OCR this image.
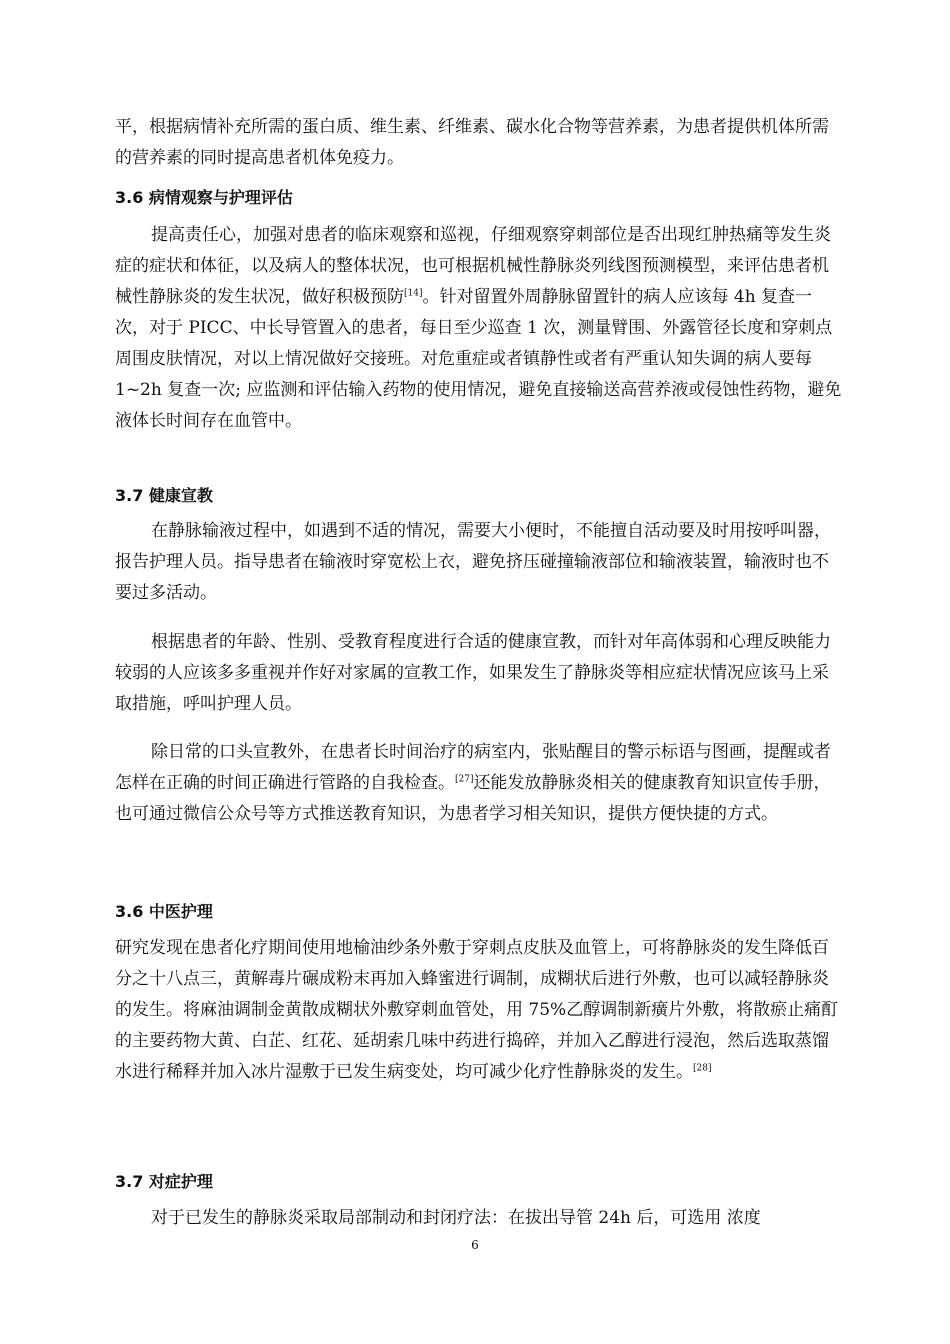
平，根据病情补充所需的蛋白质、维生素、纤维素、碳水化合物等营养素，为患者提供机体所需的营养素的同时提高患者机体免疫力。

3.6 病情观察与护理评估

提高责任心，加强对患者的临床观察和巡视，仔细观察穿刺部位是否出现红肿热痛等发生炎症的症状和体征，以及病人的整体状况，也可根据机械性静脉炎列线图预测模型，来评估患者机械性静脉炎的发生状况，做好积极预防[14]。针对留置外周静脉留置针的病人应该每 4h 复查一次，对于 PICC、中长导管置入的患者，每日至少巡查 1 次，测量臂围、外露管径长度和穿刺点周围皮肤情况，对以上情况做好交接班。对危重症或者镇静性或者有严重认知失调的病人要每 1~2h 复查一次; 应监测和评估输入药物的使用情况，避免直接输送高营养液或侵蚀性药物，避免液体长时间存在血管中。

3.7 健康宣教

在静脉输液过程中，如遇到不适的情况，需要大小便时，不能擅自活动要及时用按呼叫器，报告护理人员。指导患者在输液时穿宽松上衣，避免挤压碰撞输液部位和输液装置，输液时也不要过多活动。

根据患者的年龄、性别、受教育程度进行合适的健康宣教，而针对年高体弱和心理反映能力较弱的人应该多多重视并作好对家属的宣教工作，如果发生了静脉炎等相应症状情况应该马上采取措施，呼叫护理人员。

除日常的口头宣教外，在患者长时间治疗的病室内，张贴醒目的警示标语与图画，提醒或者怎样在正确的时间正确进行管路的自我检查。[27]还能发放静脉炎相关的健康教育知识宣传手册，也可通过微信公众号等方式推送教育知识，为患者学习相关知识，提供方便快捷的方式。

3.6 中医护理

研究发现在患者化疗期间使用地榆油纱条外敷于穿刺点皮肤及血管上，可将静脉炎的发生降低百分之十八点三，黄解毒片碾成粉末再加入蜂蜜进行调制，成糊状后进行外敷，也可以减轻静脉炎的发生。将麻油调制金黄散成糊状外敷穿刺血管处，用 75%乙醇调制新癀片外敷，将散瘀止痛酊的主要药物大黄、白芷、红花、延胡索几味中药进行捣碎，并加入乙醇进行浸泡，然后选取蒸馏水进行稀释并加入冰片湿敷于已发生病变处，均可减少化疗性静脉炎的发生。[28]

3.7 对症护理

对于已发生的静脉炎采取局部制动和封闭疗法：在拔出导管 24h 后，可选用 浓度

6
